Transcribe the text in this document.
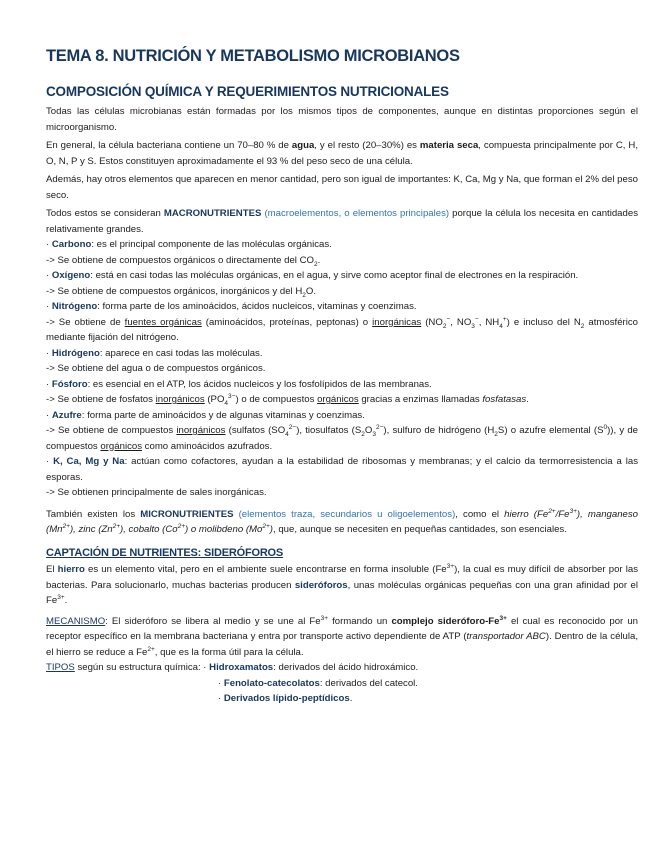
TEMA 8. NUTRICIÓN Y METABOLISMO MICROBIANOS
COMPOSICIÓN QUÍMICA Y REQUERIMIENTOS NUTRICIONALES

Todas las células microbianas están formadas por los mismos tipos de componentes, aunque en distintas proporciones según el microorganismo.

En general, la célula bacteriana contiene un 70–80 % de agua, y el resto (20–30%) es materia seca, compuesta principalmente por C, H, O, N, P y S. Estos constituyen aproximadamente el 93 % del peso seco de una célula.

Además, hay otros elementos que aparecen en menor cantidad, pero son igual de importantes: K, Ca, Mg y Na, que forman el 2% del peso seco.

Todos estos se consideran MACRONUTRIENTES (macroelementos, o elementos principales) porque la célula los necesita en cantidades relativamente grandes.

· Carbono: es el principal componente de las moléculas orgánicas.

-> Se obtiene de compuestos orgánicos o directamente del $CO_2$.

· Oxígeno: está en casi todas las moléculas orgánicas, en el agua, y sirve como aceptor final de electrones en la respiración.

-> Se obtiene de compuestos orgánicos, inorgánicos y del $H_2O$.

· Nitrógeno: forma parte de los aminoácidos, ácidos nucleicos, vitaminas y coenzimas.

-> Se obtiene de fuentes orgánicas (aminoácidos, proteínas, peptonas) o inorgánicas ($NO_2^-$, $NO_3^-$, $NH_4^+$) e incluso del $N_2$ atmosférico mediante fijación del nitrógeno.

· Hidrógeno: aparece en casi todas las moléculas.

-> Se obtiene del agua o de compuestos orgánicos.

· Fósforo: es esencial en el ATP, los ácidos nucleicos y los fosfolípidos de las membranas.

-> Se obtiene de fosfatos inorgánicos $(PO_4^{3-})$ o de compuestos orgánicos gracias a enzimas llamadas fosfatasas.

· Azufre: forma parte de aminoácidos y de algunas vitaminas y coenzimas.

-> Se obtiene de compuestos inorgánicos (sulfatos $(SO_4^{2-})$, tiosulfatos $(S_2O_3^{2-})$, sulfuro de hidrógeno $(H_2S)$ o azufre elemental $(S^0)$), y de compuestos orgánicos como aminoácidos azufrados.

· K, Ca, Mg y Na: actúan como cofactores, ayudan a la estabilidad de ribosomas y membranas; y el calcio da termorresistencia a las esporas.

-> Se obtienen principalmente de sales inorgánicas.

También existen los MICRONUTRIENTES (elementos traza, secundarios u oligoelementos), como el hierro $(Fe^{2+}/Fe^{3+})$, manganeso $(Mn^{2+})$, zinc $(Zn^{2+})$, cobalto $(Co^{2+})$ o molibdeno $(Mo^{2+})$, que, aunque se necesiten en pequeñas cantidades, son esenciales.

CAPTACIÓN DE NUTRIENTES: SIDERÓFOROS

El hierro es un elemento vital, pero en el ambiente suele encontrarse en forma insoluble $(Fe^{3+})$, la cual es muy difícil de absorber por las bacterias. Para solucionarlo, muchas bacterias producen sideróforos, unas moléculas orgánicas pequeñas con una gran afinidad por el $Fe^{3+}$.

MECANISMO: El sideróforo se libera al medio y se une al $Fe^{3+}$ formando un complejo sideróforo-$Fe^{3+}$ el cual es reconocido por un receptor específico en la membrana bacteriana y entra por transporte activo dependiente de ATP (transportador ABC). Dentro de la célula, el hierro se reduce a $Fe^{2+}$, que es la forma útil para la célula.

TIPOS según su estructura química: · Hidroxamatos: derivados del ácido hidroxámico.

· Fenolato-catecolatos: derivados del catecol.

· Derivados lípido-peptídicos.
